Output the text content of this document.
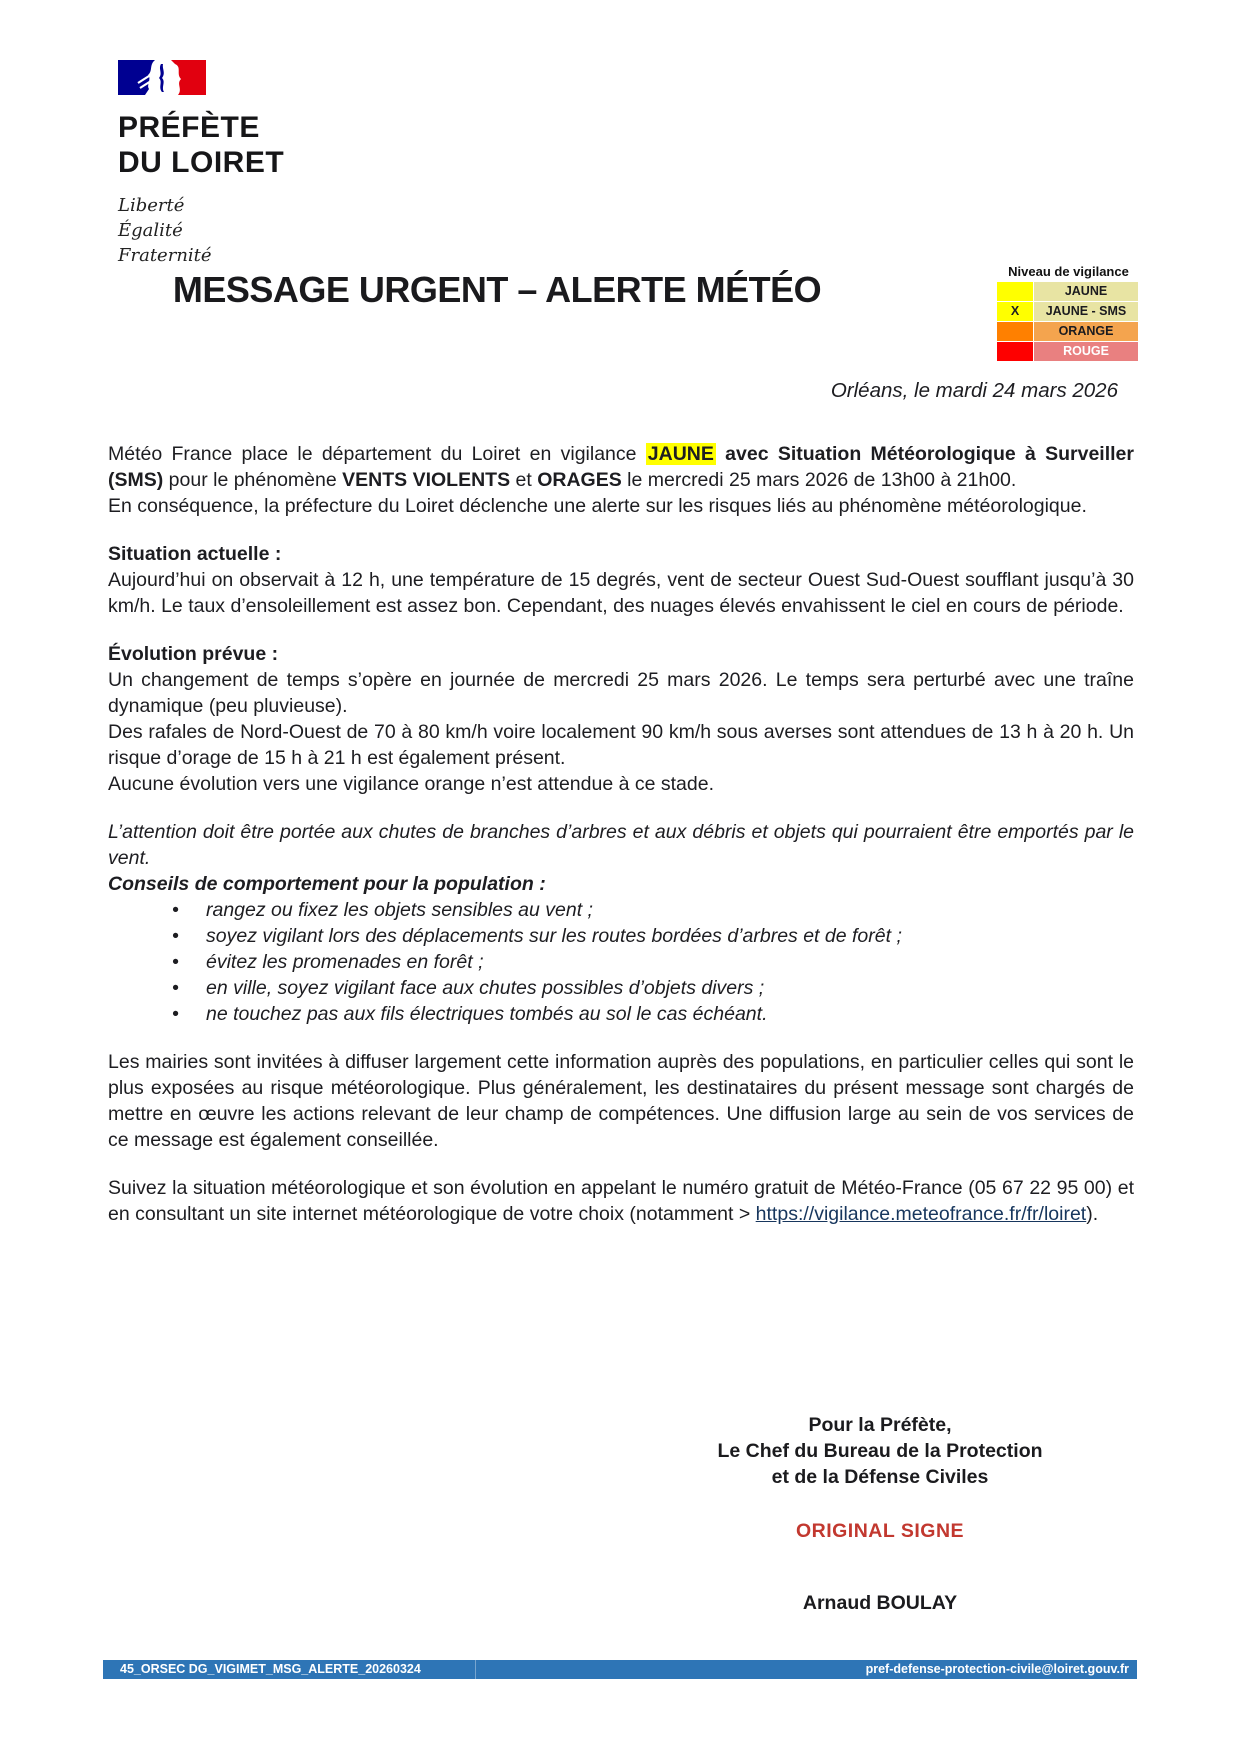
PRÉFÈTE
DU LOIRET
Liberté
Égalité
Fraternité
Niveau de vigilance
JAUNE
X	JAUNE - SMS
ORANGE
ROUGE
MESSAGE URGENT – ALERTE MÉTÉO
Orléans, le mardi 24 mars 2026

Météo France place le département du Loiret en vigilance JAUNE avec Situation Météorologique à Surveiller (SMS) pour le phénomène VENTS VIOLENTS et ORAGES le mercredi 25 mars 2026 de 13h00 à 21h00.

En conséquence, la préfecture du Loiret déclenche une alerte sur les risques liés au phénomène météorologique.

Situation actuelle :

Aujourd’hui on observait à 12 h, une température de 15 degrés, vent de secteur Ouest Sud-Ouest soufflant jusqu’à 30 km/h. Le taux d’ensoleillement est assez bon. Cependant, des nuages élevés envahissent le ciel en cours de période.

Évolution prévue :

Un changement de temps s’opère en journée de mercredi 25 mars 2026. Le temps sera perturbé avec une traîne dynamique (peu pluvieuse).

Des rafales de Nord-Ouest de 70 à 80 km/h voire localement 90 km/h sous averses sont attendues de 13 h à 20 h. Un risque d’orage de 15 h à 21 h est également présent.

Aucune évolution vers une vigilance orange n’est attendue à ce stade.

L’attention doit être portée aux chutes de branches d’arbres et aux débris et objets qui pourraient être emportés par le vent.

Conseils de comportement pour la population :

• rangez ou fixez les objets sensibles au vent ;
• soyez vigilant lors des déplacements sur les routes bordées d’arbres et de forêt ;
• évitez les promenades en forêt ;
• en ville, soyez vigilant face aux chutes possibles d’objets divers ;
• ne touchez pas aux fils électriques tombés au sol le cas échéant.

Les mairies sont invitées à diffuser largement cette information auprès des populations, en particulier celles qui sont le plus exposées au risque météorologique. Plus généralement, les destinataires du présent message sont chargés de mettre en œuvre les actions relevant de leur champ de compétences. Une diffusion large au sein de vos services de ce message est également conseillée.

Suivez la situation météorologique et son évolution en appelant le numéro gratuit de Météo-France (05 67 22 95 00) et en consultant un site internet météorologique de votre choix (notamment > https://vigilance.meteofrance.fr/fr/loiret).

Pour la Préfète,
Le Chef du Bureau de la Protection
et de la Défense Civiles
ORIGINAL SIGNE
Arnaud BOULAY
45_ORSEC DG_VIGIMET_MSG_ALERTE_20260324	pref-defense-protection-civile@loiret.gouv.fr
